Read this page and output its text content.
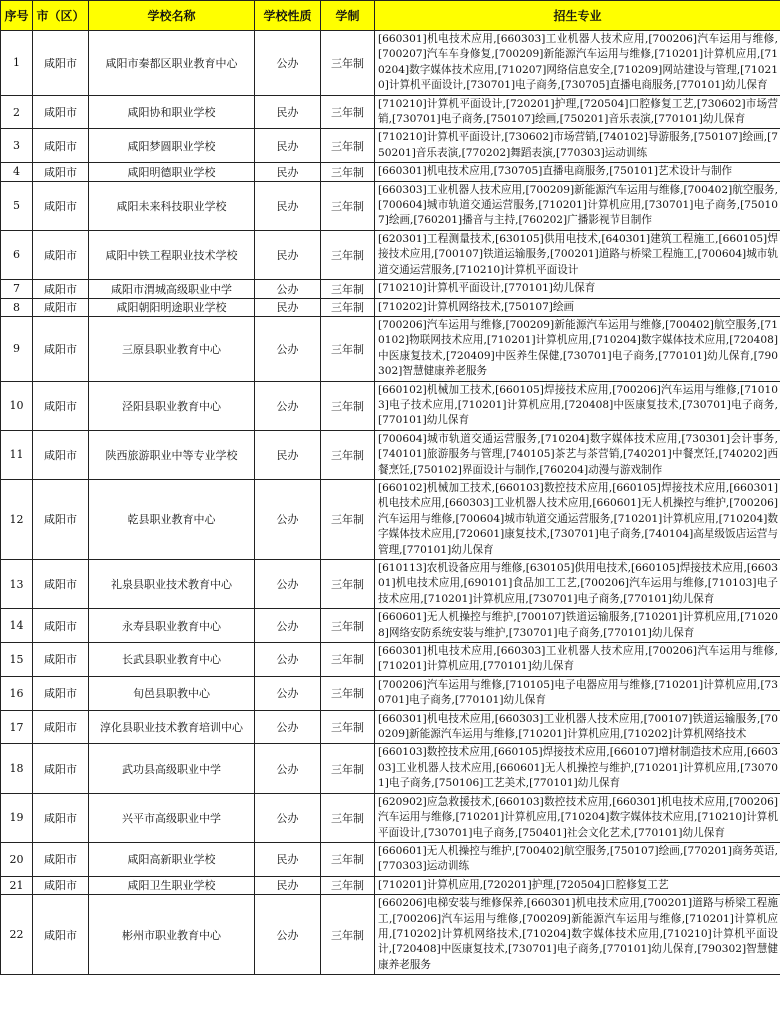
序号	市（区）	学校名称	学校性质	学制	招生专业
1	咸阳市	咸阳市秦都区职业教育中心	公办	三年制	[660301]机电技术应用,[660303]工业机器人技术应用,[700206]汽车运用与维修,[700207]汽车车身修复,[700209]新能源汽车运用与维修,[710201]计算机应用,[710204]数字媒体技术应用,[710207]网络信息安全,[710209]网站建设与管理,[710210]计算机平面设计,[730701]电子商务,[730705]直播电商服务,[770101]幼儿保育
2	咸阳市	咸阳协和职业学校	民办	三年制	[710210]计算机平面设计,[720201]护理,[720504]口腔修复工艺,[730602]市场营销,[730701]电子商务,[750107]绘画,[750201]音乐表演,[770101]幼儿保育
3	咸阳市	咸阳梦圆职业学校	民办	三年制	[710210]计算机平面设计,[730602]市场营销,[740102]导游服务,[750107]绘画,[750201]音乐表演,[770202]舞蹈表演,[770303]运动训练
4	咸阳市	咸阳明德职业学校	民办	三年制	[660301]机电技术应用,[730705]直播电商服务,[750101]艺术设计与制作
5	咸阳市	咸阳未来科技职业学校	民办	三年制	[660303]工业机器人技术应用,[700209]新能源汽车运用与维修,[700402]航空服务,[700604]城市轨道交通运营服务,[710201]计算机应用,[730701]电子商务,[750107]绘画,[760201]播音与主持,[760202]广播影视节目制作
6	咸阳市	咸阳中铁工程职业技术学校	民办	三年制	[620301]工程测量技术,[630105]供用电技术,[640301]建筑工程施工,[660105]焊接技术应用,[700107]铁道运输服务,[700201]道路与桥梁工程施工,[700604]城市轨道交通运营服务,[710210]计算机平面设计
7	咸阳市	咸阳市渭城高级职业中学	公办	三年制	[710210]计算机平面设计,[770101]幼儿保育
8	咸阳市	咸阳朝阳明途职业学校	民办	三年制	[710202]计算机网络技术,[750107]绘画
9	咸阳市	三原县职业教育中心	公办	三年制	[700206]汽车运用与维修,[700209]新能源汽车运用与维修,[700402]航空服务,[710102]物联网技术应用,[710201]计算机应用,[710204]数字媒体技术应用,[720408]中医康复技术,[720409]中医养生保健,[730701]电子商务,[770101]幼儿保育,[790302]智慧健康养老服务
10	咸阳市	泾阳县职业教育中心	公办	三年制	[660102]机械加工技术,[660105]焊接技术应用,[700206]汽车运用与维修,[710103]电子技术应用,[710201]计算机应用,[720408]中医康复技术,[730701]电子商务,[770101]幼儿保育
11	咸阳市	陕西旅游职业中等专业学校	民办	三年制	[700604]城市轨道交通运营服务,[710204]数字媒体技术应用,[730301]会计事务,[740101]旅游服务与管理,[740105]茶艺与茶营销,[740201]中餐烹饪,[740202]西餐烹饪,[750102]界面设计与制作,[760204]动漫与游戏制作
12	咸阳市	乾县职业教育中心	公办	三年制	[660102]机械加工技术,[660103]数控技术应用,[660105]焊接技术应用,[660301]机电技术应用,[660303]工业机器人技术应用,[660601]无人机操控与维护,[700206]汽车运用与维修,[700604]城市轨道交通运营服务,[710201]计算机应用,[710204]数字媒体技术应用,[720601]康复技术,[730701]电子商务,[740104]高星级饭店运营与管理,[770101]幼儿保育
13	咸阳市	礼泉县职业技术教育中心	公办	三年制	[610113]农机设备应用与维修,[630105]供用电技术,[660105]焊接技术应用,[660301]机电技术应用,[690101]食品加工工艺,[700206]汽车运用与维修,[710103]电子技术应用,[710201]计算机应用,[730701]电子商务,[770101]幼儿保育
14	咸阳市	永寿县职业教育中心	公办	三年制	[660601]无人机操控与维护,[700107]铁道运输服务,[710201]计算机应用,[710208]网络安防系统安装与维护,[730701]电子商务,[770101]幼儿保育
15	咸阳市	长武县职业教育中心	公办	三年制	[660301]机电技术应用,[660303]工业机器人技术应用,[700206]汽车运用与维修,[710201]计算机应用,[770101]幼儿保育
16	咸阳市	旬邑县职教中心	公办	三年制	[700206]汽车运用与维修,[710105]电子电器应用与维修,[710201]计算机应用,[730701]电子商务,[770101]幼儿保育
17	咸阳市	淳化县职业技术教育培训中心	公办	三年制	[660301]机电技术应用,[660303]工业机器人技术应用,[700107]铁道运输服务,[700209]新能源汽车运用与维修,[710201]计算机应用,[710202]计算机网络技术
18	咸阳市	武功县高级职业中学	公办	三年制	[660103]数控技术应用,[660105]焊接技术应用,[660107]增材制造技术应用,[660303]工业机器人技术应用,[660601]无人机操控与维护,[710201]计算机应用,[730701]电子商务,[750106]工艺美术,[770101]幼儿保育
19	咸阳市	兴平市高级职业中学	公办	三年制	[620902]应急救援技术,[660103]数控技术应用,[660301]机电技术应用,[700206]汽车运用与维修,[710201]计算机应用,[710204]数字媒体技术应用,[710210]计算机平面设计,[730701]电子商务,[750401]社会文化艺术,[770101]幼儿保育
20	咸阳市	咸阳高新职业学校	民办	三年制	[660601]无人机操控与维护,[700402]航空服务,[750107]绘画,[770201]商务英语,[770303]运动训练
21	咸阳市	咸阳卫生职业学校	民办	三年制	[710201]计算机应用,[720201]护理,[720504]口腔修复工艺
22	咸阳市	彬州市职业教育中心	公办	三年制	[660206]电梯安装与维修保养,[660301]机电技术应用,[700201]道路与桥梁工程施工,[700206]汽车运用与维修,[700209]新能源汽车运用与维修,[710201]计算机应用,[710202]计算机网络技术,[710204]数字媒体技术应用,[710210]计算机平面设计,[720408]中医康复技术,[730701]电子商务,[770101]幼儿保育,[790302]智慧健康养老服务
